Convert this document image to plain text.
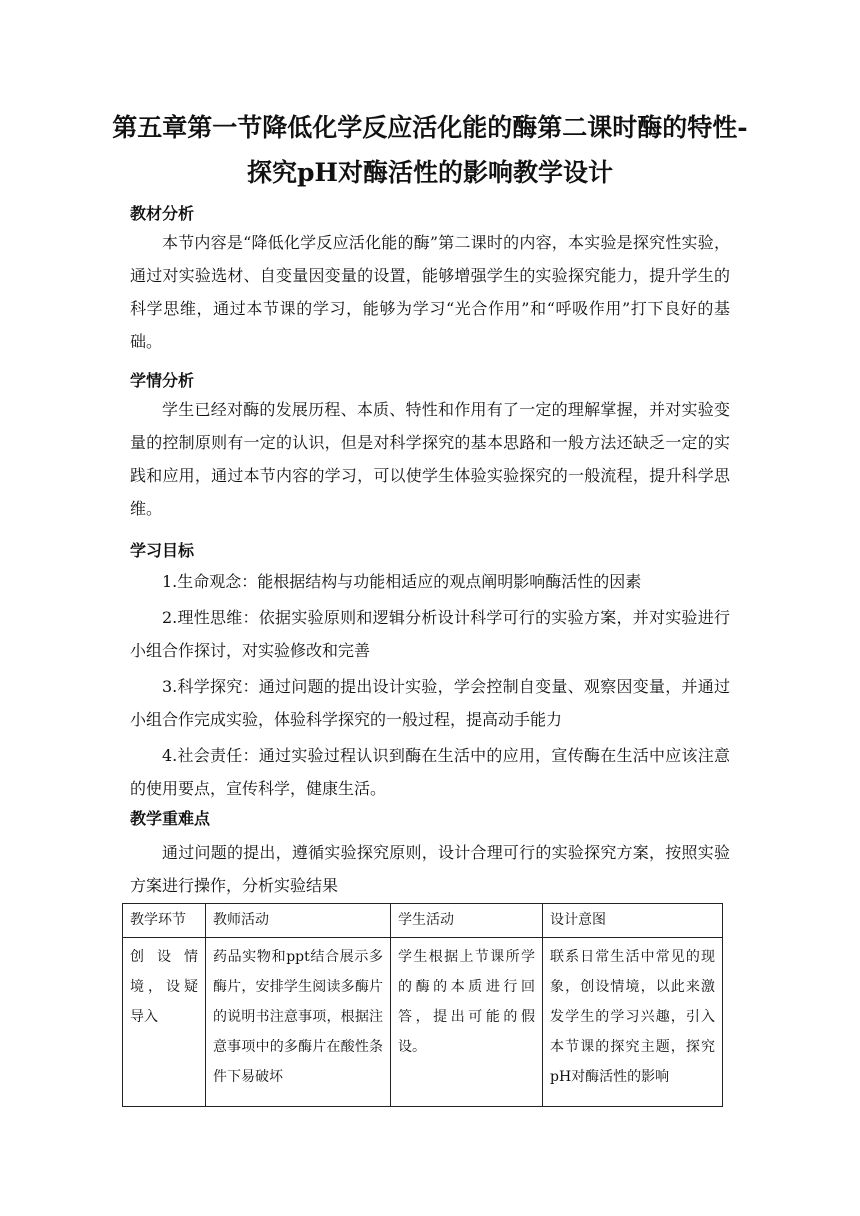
第五章第一节降低化学反应活化能的酶第二课时酶的特性-
探究pH对酶活性的影响教学设计
教材分析

本节内容是“降低化学反应活化能的酶”第二课时的内容，本实验是探究性实验，通过对实验选材、自变量因变量的设置，能够增强学生的实验探究能力，提升学生的科学思维，通过本节课的学习，能够为学习“光合作用”和“呼吸作用”打下良好的基础。

学情分析

学生已经对酶的发展历程、本质、特性和作用有了一定的理解掌握，并对实验变量的控制原则有一定的认识，但是对科学探究的基本思路和一般方法还缺乏一定的实践和应用，通过本节内容的学习，可以使学生体验实验探究的一般流程，提升科学思维。

学习目标

1.生命观念：能根据结构与功能相适应的观点阐明影响酶活性的因素

2.理性思维：依据实验原则和逻辑分析设计科学可行的实验方案，并对实验进行小组合作探讨，对实验修改和完善

3.科学探究：通过问题的提出设计实验，学会控制自变量、观察因变量，并通过小组合作完成实验，体验科学探究的一般过程，提高动手能力

4.社会责任：通过实验过程认识到酶在生活中的应用，宣传酶在生活中应该注意的使用要点，宣传科学，健康生活。

教学重难点

通过问题的提出，遵循实验探究原则，设计合理可行的实验探究方案，按照实验方案进行操作，分析实验结果

教学环节	教师活动	学生活动	设计意图
创设情境，设疑导入	药品实物和ppt结合展示多酶片，安排学生阅读多酶片的说明书注意事项，根据注意事项中的多酶片在酸性条件下易破坏	学生根据上节课所学的酶的本质进行回答，提出可能的假设。	联系日常生活中常见的现象，创设情境，以此来激发学生的学习兴趣，引入本节课的探究主题，探究pH对酶活性的影响
